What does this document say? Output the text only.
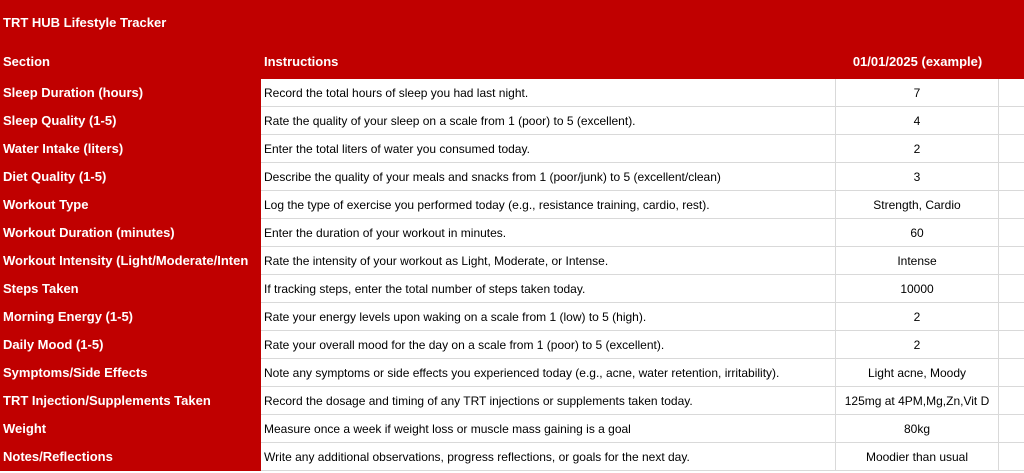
TRT HUB Lifestyle Tracker
Section	Instructions	01/01/2025 (example)
Sleep Duration (hours)	Record the total hours of sleep you had last night.	7
Sleep Quality (1-5)	Rate the quality of your sleep on a scale from 1 (poor) to 5 (excellent).	4
Water Intake (liters)	Enter the total liters of water you consumed today.	2
Diet Quality (1-5)	Describe the quality of your meals and snacks from 1 (poor/junk) to 5 (excellent/clean)	3
Workout Type	Log the type of exercise you performed today (e.g., resistance training, cardio, rest).	Strength, Cardio
Workout Duration (minutes)	Enter the duration of your workout in minutes.	60
Workout Intensity (Light/Moderate/Inten	Rate the intensity of your workout as Light, Moderate, or Intense.	Intense
Steps Taken	If tracking steps, enter the total number of steps taken today.	10000
Morning Energy (1-5)	Rate your energy levels upon waking on a scale from 1 (low) to 5 (high).	2
Daily Mood (1-5)	Rate your overall mood for the day on a scale from 1 (poor) to 5 (excellent).	2
Symptoms/Side Effects	Note any symptoms or side effects you experienced today (e.g., acne, water retention, irritability).	Light acne, Moody
TRT Injection/Supplements Taken	Record the dosage and timing of any TRT injections or supplements taken today.	125mg at 4PM,Mg,Zn,Vit D
Weight	Measure once a week if weight loss or muscle mass gaining is a goal	80kg
Notes/Reflections	Write any additional observations, progress reflections, or goals for the next day.	Moodier than usual
